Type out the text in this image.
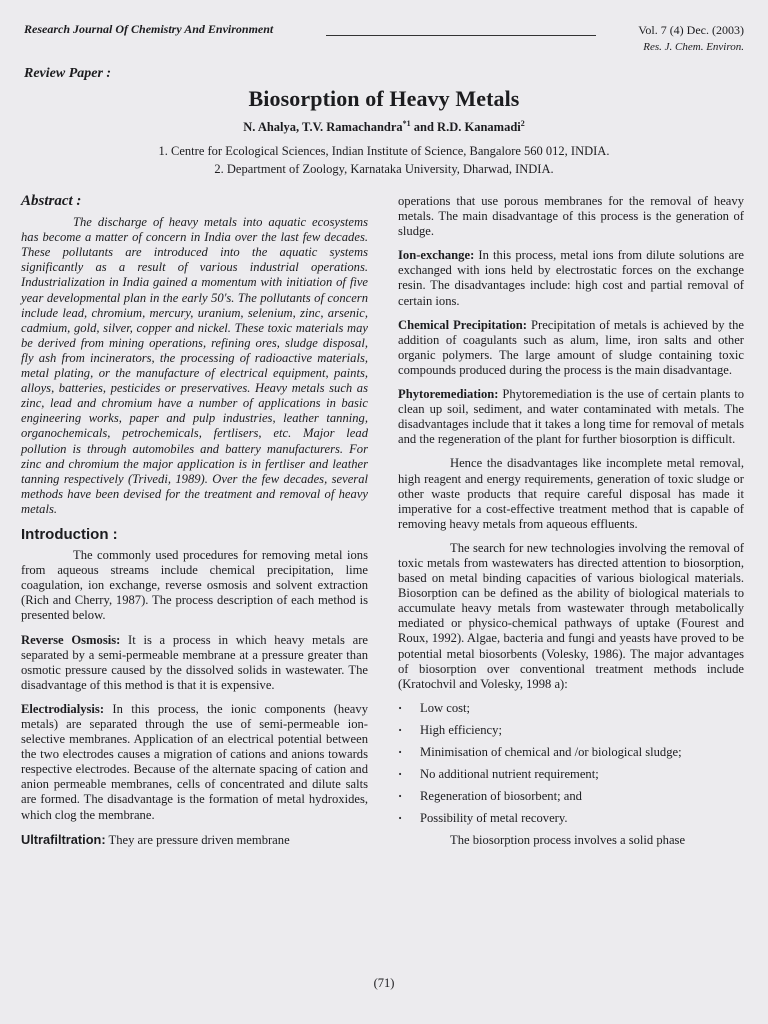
Research Journal Of Chemistry And Environment	Vol. 7 (4) Dec. (2003)
Res. J. Chem. Environ.
Review Paper :
Biosorption of Heavy Metals
N. Ahalya, T.V. Ramachandra$^{*1}$ and R.D. Kanamadi$^2$
1. Centre for Ecological Sciences, Indian Institute of Science, Bangalore 560 012, INDIA.
2. Department of Zoology, Karnataka University, Dharwad, INDIA.
Abstract :

The discharge of heavy metals into aquatic ecosystems has become a matter of concern in India over the last few decades. These pollutants are introduced into the aquatic systems significantly as a result of various industrial operations. Industrialization in India gained a momentum with initiation of five year developmental plan in the early 50's. The pollutants of concern include lead, chromium, mercury, uranium, selenium, zinc, arsenic, cadmium, gold, silver, copper and nickel. These toxic materials may be derived from mining operations, refining ores, sludge disposal, fly ash from incinerators, the processing of radioactive materials, metal plating, or the manufacture of electrical equipment, paints, alloys, batteries, pesticides or preservatives. Heavy metals such as zinc, lead and chromium have a number of applications in basic engineering works, paper and pulp industries, leather tanning, organochemicals, petrochemicals, fertlisers, etc. Major lead pollution is through automobiles and battery manufacturers. For zinc and chromium the major application is in fertliser and leather tanning respectively (Trivedi, 1989). Over the few decades, several methods have been devised for the treatment and removal of heavy metals.

Introduction :

The commonly used procedures for removing metal ions from aqueous streams include chemical precipitation, lime coagulation, ion exchange, reverse osmosis and solvent extraction (Rich and Cherry, 1987). The process description of each method is presented below.

Reverse Osmosis: It is a process in which heavy metals are separated by a semi-permeable membrane at a pressure greater than osmotic pressure caused by the dissolved solids in wastewater. The disadvantage of this method is that it is expensive.

Electrodialysis: In this process, the ionic components (heavy metals) are separated through the use of semi-permeable ion-selective membranes. Application of an electrical potential between the two electrodes causes a migration of cations and anions towards respective electrodes. Because of the alternate spacing of cation and anion permeable membranes, cells of concentrated and dilute salts are formed. The disadvantage is the formation of metal hydroxides, which clog the membrane.

Ultrafiltration: They are pressure driven membrane

operations that use porous membranes for the removal of heavy metals. The main disadvantage of this process is the generation of sludge.

Ion-exchange: In this process, metal ions from dilute solutions are exchanged with ions held by electrostatic forces on the exchange resin. The disadvantages include: high cost and partial removal of certain ions.

Chemical Precipitation: Precipitation of metals is achieved by the addition of coagulants such as alum, lime, iron salts and other organic polymers. The large amount of sludge containing toxic compounds produced during the process is the main disadvantage.

Phytoremediation: Phytoremediation is the use of certain plants to clean up soil, sediment, and water contaminated with metals. The disadvantages include that it takes a long time for removal of metals and the regeneration of the plant for further biosorption is difficult.

Hence the disadvantages like incomplete metal removal, high reagent and energy requirements, generation of toxic sludge or other waste products that require careful disposal has made it imperative for a cost-effective treatment method that is capable of removing heavy metals from aqueous effluents.

The search for new technologies involving the removal of toxic metals from wastewaters has directed attention to biosorption, based on metal binding capacities of various biological materials. Biosorption can be defined as the ability of biological materials to accumulate heavy metals from wastewater through metabolically mediated or physico-chemical pathways of uptake (Fourest and Roux, 1992). Algae, bacteria and fungi and yeasts have proved to be potential metal biosorbents (Volesky, 1986). The major advantages of biosorption over conventional treatment methods include (Kratochvil and Volesky, 1998 a):

· Low cost;
· High efficiency;
· Minimisation of chemical and /or biological sludge;
· No additional nutrient requirement;
· Regeneration of biosorbent; and
· Possibility of metal recovery.

The biosorption process involves a solid phase

(71)
